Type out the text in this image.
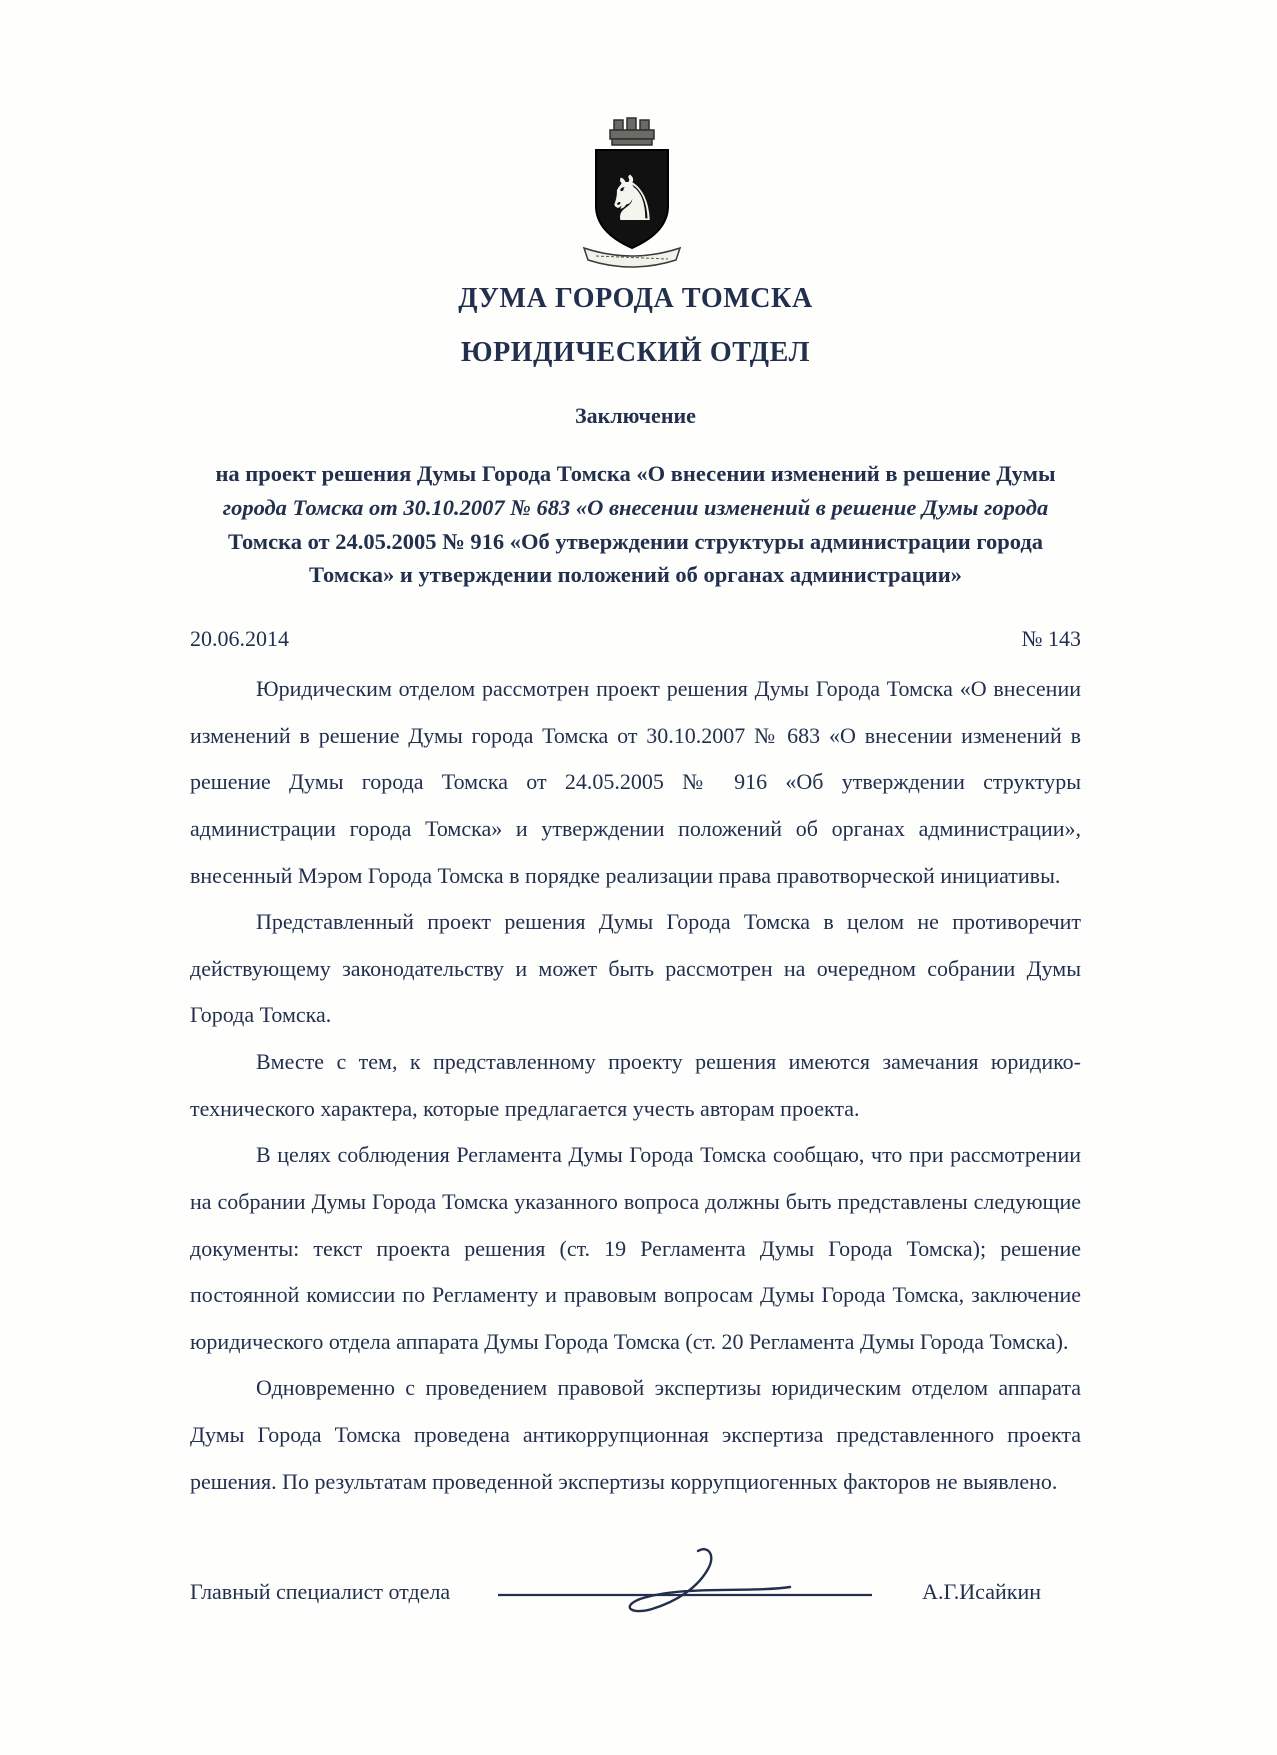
♞
ДУМА ГОРОДА ТОМСКА
ЮРИДИЧЕСКИЙ ОТДЕЛ
Заключение
на проект решения Думы Города Томска «О внесении изменений в решение Думы города Томска от 30.10.2007 № 683 «О внесении изменений в решение Думы города Томска от 24.05.2005 № 916 «Об утверждении структуры администрации города Томска» и утверждении положений об органах администрации»
20.06.2014	№ 143

Юридическим отделом рассмотрен проект решения Думы Города Томска «О внесении изменений в решение Думы города Томска от 30.10.2007 № 683 «О внесении изменений в решение Думы города Томска от 24.05.2005 № 916 «Об утверждении структуры администрации города Томска» и утверждении положений об органах администрации», внесенный Мэром Города Томска в порядке реализации права правотворческой инициативы.

Представленный проект решения Думы Города Томска в целом не противоречит действующему законодательству и может быть рассмотрен на очередном собрании Думы Города Томска.

Вместе с тем, к представленному проекту решения имеются замечания юридико-технического характера, которые предлагается учесть авторам проекта.

В целях соблюдения Регламента Думы Города Томска сообщаю, что при рассмотрении на собрании Думы Города Томска указанного вопроса должны быть представлены следующие документы: текст проекта решения (ст. 19 Регламента Думы Города Томска); решение постоянной комиссии по Регламенту и правовым вопросам Думы Города Томска, заключение юридического отдела аппарата Думы Города Томска (ст. 20 Регламента Думы Города Томска).

Одновременно с проведением правовой экспертизы юридическим отделом аппарата Думы Города Томска проведена антикоррупционная экспертиза представленного проекта решения. По результатам проведенной экспертизы коррупциогенных факторов не выявлено.

Главный специалист отдела	А.Г.Исайкин
